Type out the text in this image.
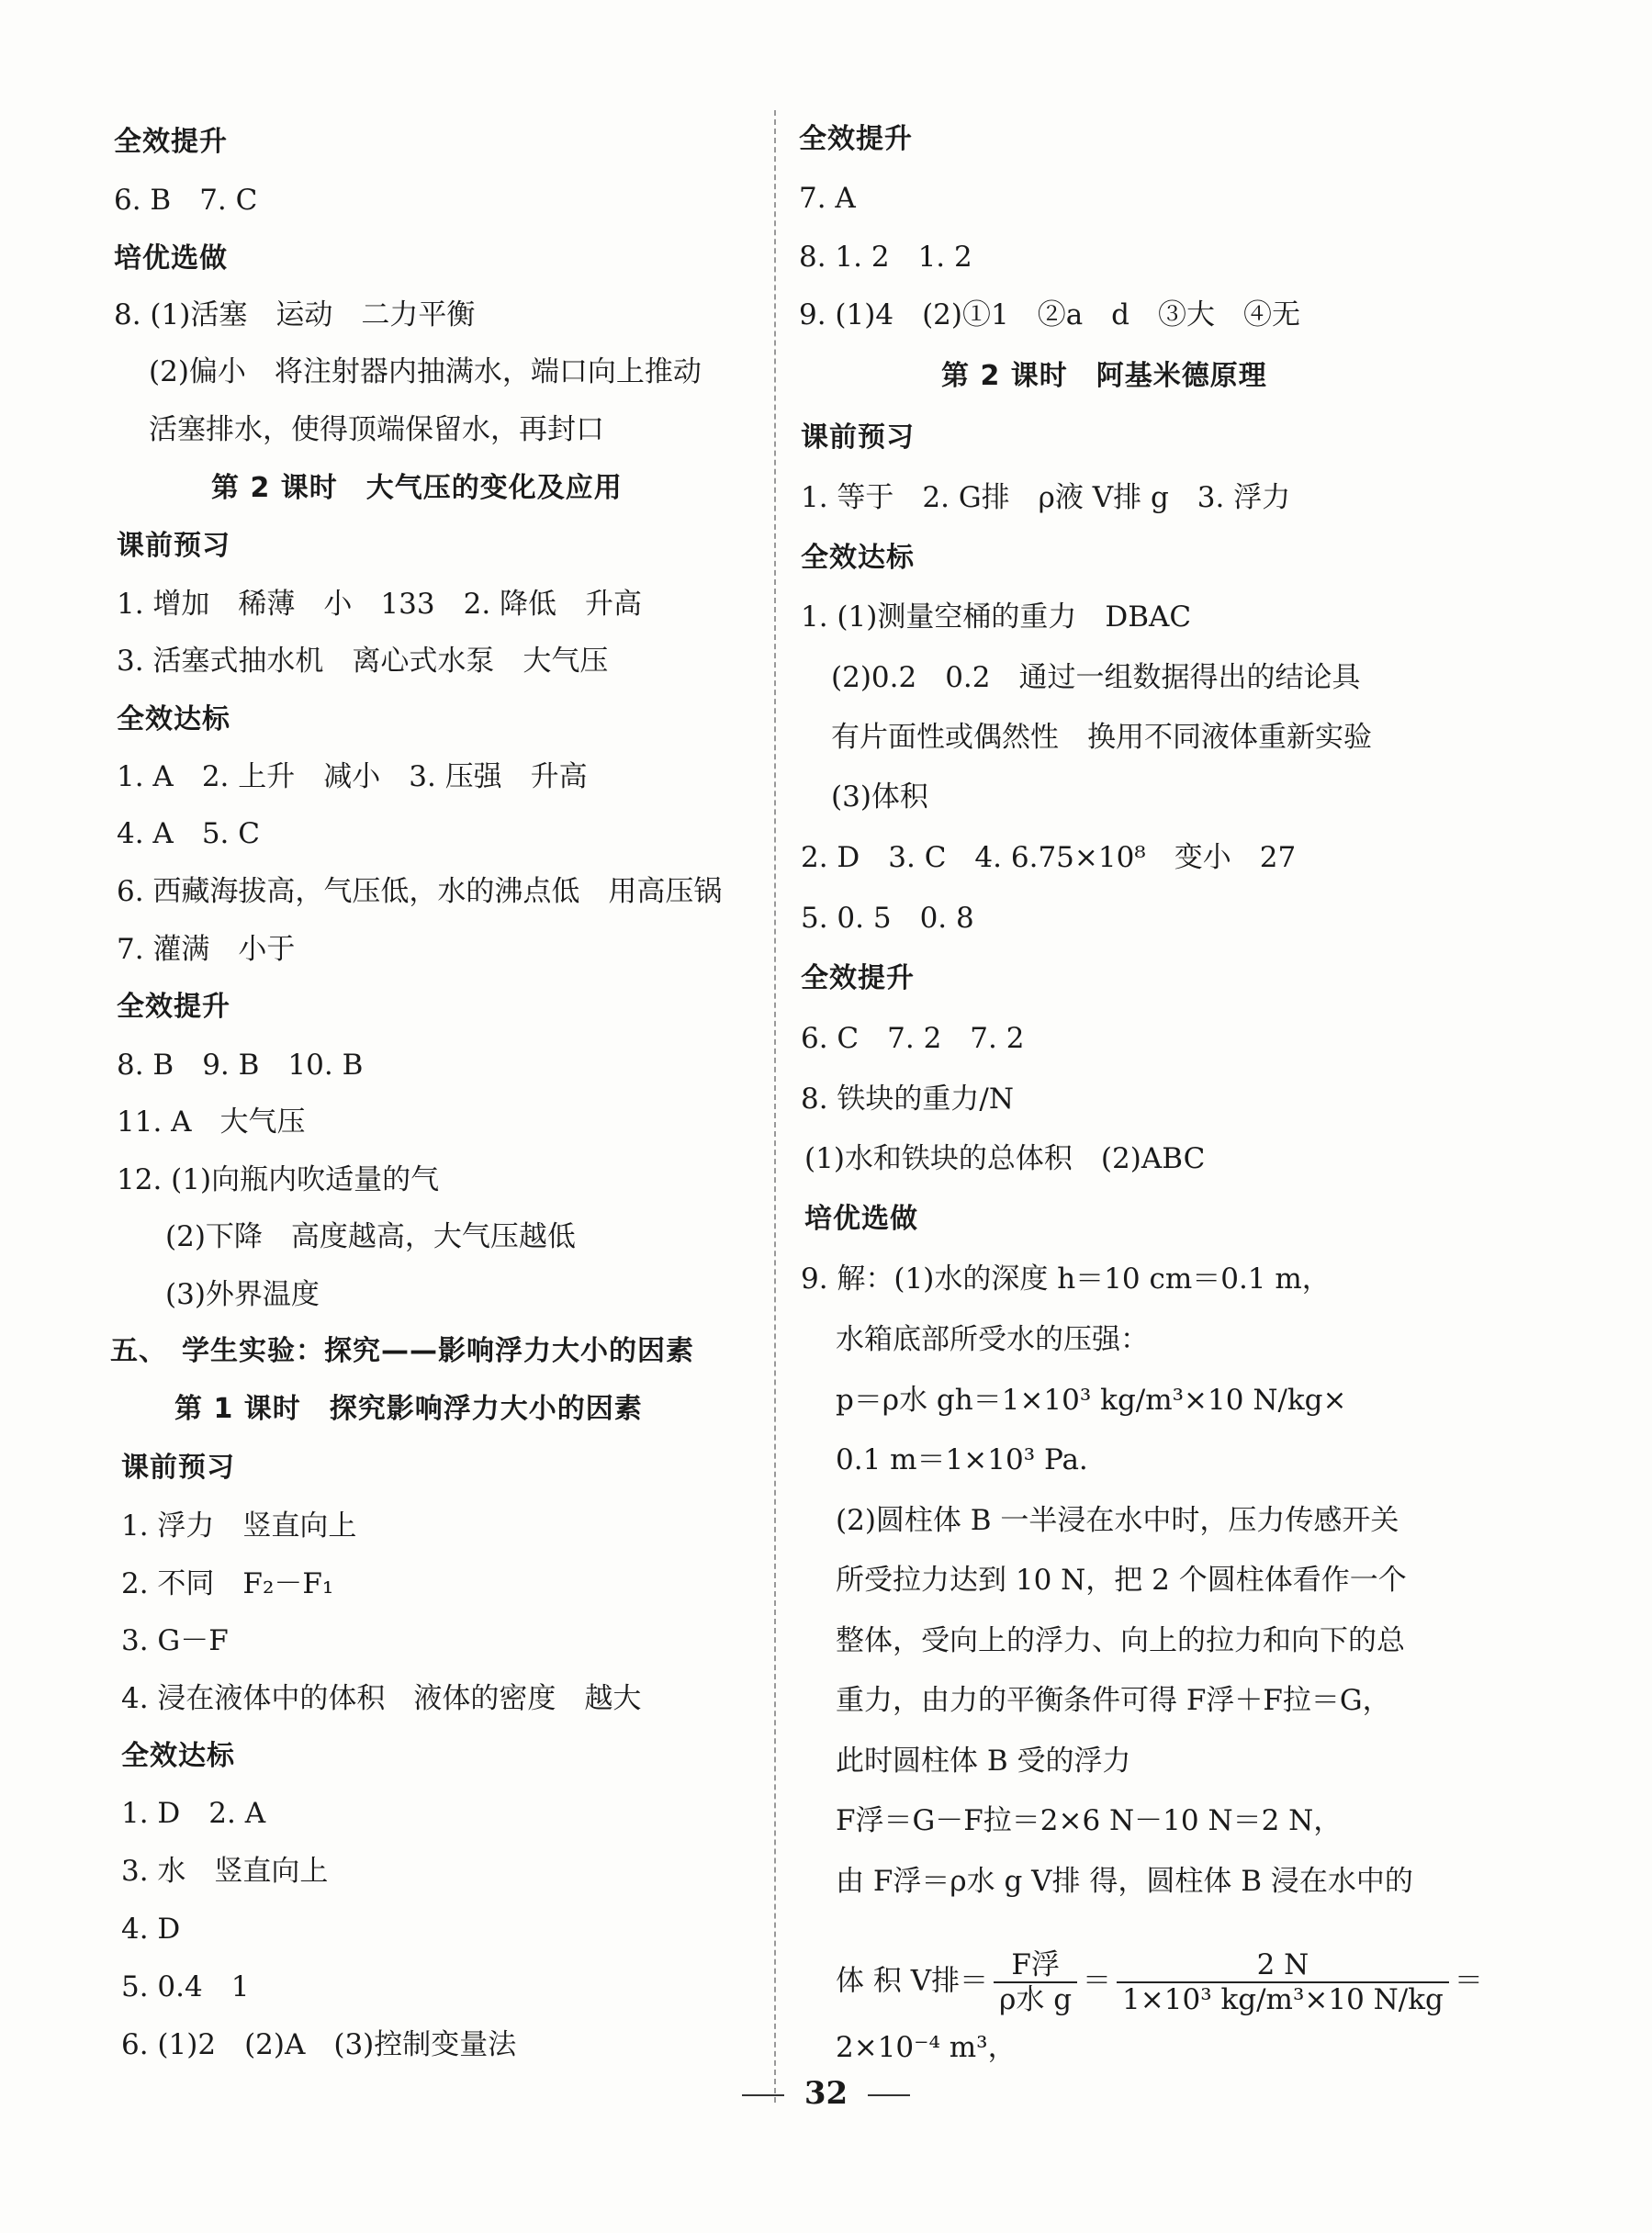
全效提升
6. B　7. C
培优选做
8. (1)活塞　运动　二力平衡
(2)偏小　将注射器内抽满水，端口向上推动
活塞排水，使得顶端保留水，再封口
第 2 课时　大气压的变化及应用
课前预习
1. 增加　稀薄　小　133　2. 降低　升高
3. 活塞式抽水机　离心式水泵　大气压
全效达标
1. A　2. 上升　减小　3. 压强　升高
4. A　5. C
6. 西藏海拔高，气压低，水的沸点低　用高压锅
7. 灌满　小于
全效提升
8. B　9. B　10. B
11. A　大气压
12. (1)向瓶内吹适量的气
(2)下降　高度越高，大气压越低
(3)外界温度
五、　学生实验：探究——影响浮力大小的因素
第 1 课时　探究影响浮力大小的因素
课前预习
1. 浮力　竖直向上
2. 不同　F₂－F₁
3. G－F
4. 浸在液体中的体积　液体的密度　越大
全效达标
1. D　2. A
3. 水　竖直向上
4. D
5. 0.4　1
6. (1)2　(2)A　(3)控制变量法
全效提升
7. A
8. 1. 2　1. 2
9. (1)4　(2)①1　②a　d　③大　④无
第 2 课时　阿基米德原理
课前预习
1. 等于　2. G排　ρ液 V排 g　3. 浮力
全效达标
1. (1)测量空桶的重力　DBAC
(2)0.2　0.2　通过一组数据得出的结论具
有片面性或偶然性　换用不同液体重新实验
(3)体积
2. D　3. C　4. 6.75×10⁸　变小　27
5. 0. 5　0. 8
全效提升
6. C　7. 2　7. 2
8. 铁块的重力/N
(1)水和铁块的总体积　(2)ABC
培优选做
9. 解：(1)水的深度 h＝10 cm＝0.1 m，
水箱底部所受水的压强：
p＝ρ水 gh＝1×10³ kg/m³×10 N/kg×
0.1 m＝1×10³ Pa.
(2)圆柱体 B 一半浸在水中时，压力传感开关
所受拉力达到 10 N，把 2 个圆柱体看作一个
整体，受向上的浮力、向上的拉力和向下的总
重力，由力的平衡条件可得 F浮＋F拉＝G，
此时圆柱体 B 受的浮力
F浮＝G－F拉＝2×6 N－10 N＝2 N，
由 F浮＝ρ水 g V排 得，圆柱体 B 浸在水中的
体 积 V排＝ $\frac{\text{F浮}}{\text{ρ水 g}} = \frac{2 N}{\text{1×10³ kg/m³×10 N/kg}}$ ＝
2×10⁻⁴ m³，
32
